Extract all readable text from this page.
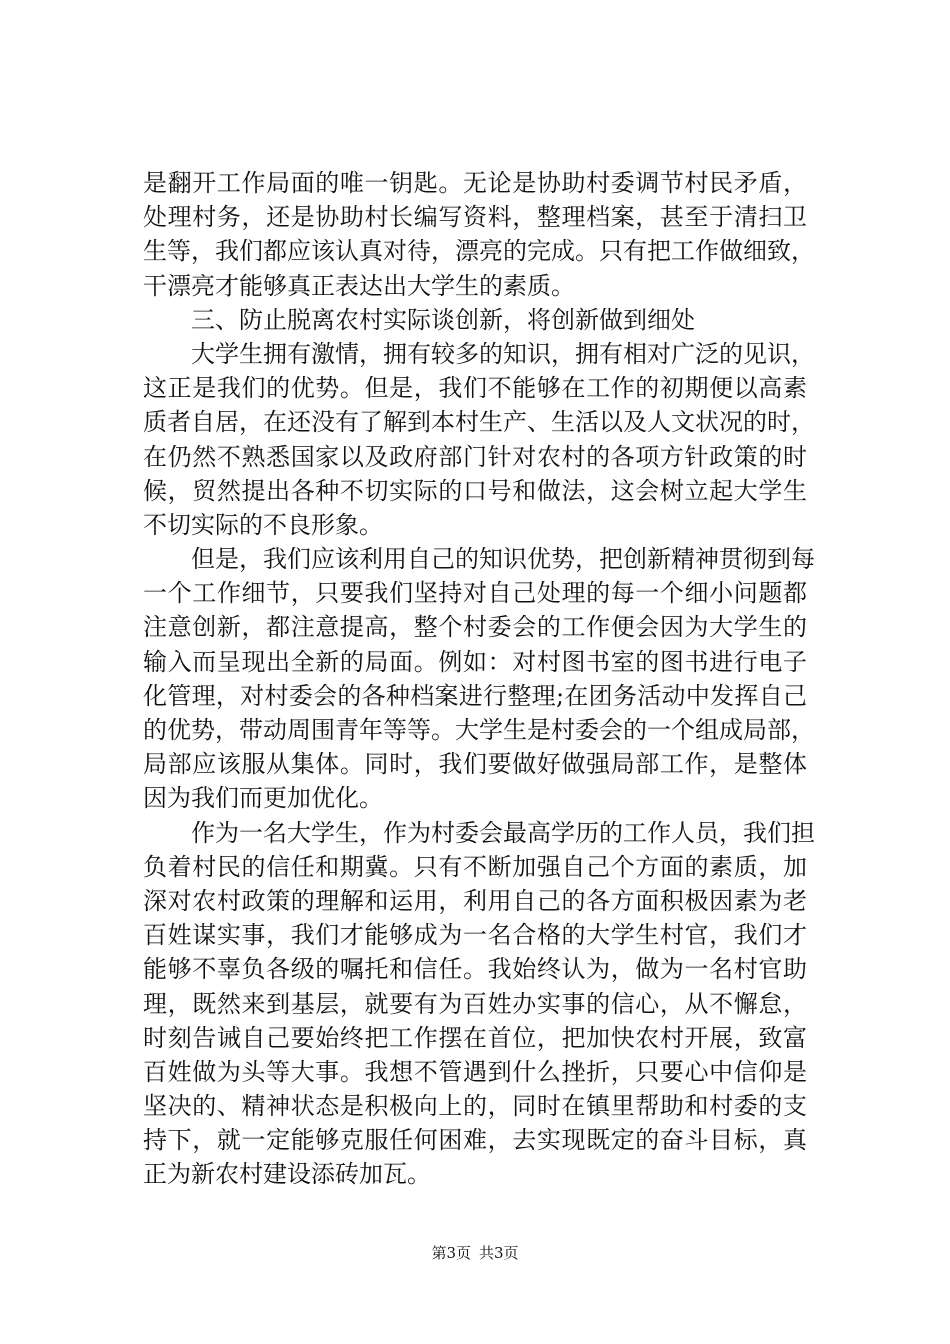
是翻开工作局面的唯一钥匙。无论是协助村委调节村民矛盾，
处理村务，还是协助村长编写资料，整理档案，甚至于清扫卫
生等，我们都应该认真对待，漂亮的完成。只有把工作做细致，
干漂亮才能够真正表达出大学生的素质。
三、防止脱离农村实际谈创新，将创新做到细处
大学生拥有激情，拥有较多的知识，拥有相对广泛的见识，
这正是我们的优势。但是，我们不能够在工作的初期便以高素
质者自居，在还没有了解到本村生产、生活以及人文状况的时，
在仍然不熟悉国家以及政府部门针对农村的各项方针政策的时
候，贸然提出各种不切实际的口号和做法，这会树立起大学生
不切实际的不良形象。
但是，我们应该利用自己的知识优势，把创新精神贯彻到每
一个工作细节，只要我们坚持对自己处理的每一个细小问题都
注意创新，都注意提高，整个村委会的工作便会因为大学生的
输入而呈现出全新的局面。例如：对村图书室的图书进行电子
化管理，对村委会的各种档案进行整理;在团务活动中发挥自己
的优势，带动周围青年等等。大学生是村委会的一个组成局部，
局部应该服从集体。同时，我们要做好做强局部工作，是整体
因为我们而更加优化。
作为一名大学生，作为村委会最高学历的工作人员，我们担
负着村民的信任和期冀。只有不断加强自己个方面的素质，加
深对农村政策的理解和运用，利用自己的各方面积极因素为老
百姓谋实事，我们才能够成为一名合格的大学生村官，我们才
能够不辜负各级的嘱托和信任。我始终认为，做为一名村官助
理，既然来到基层，就要有为百姓办实事的信心，从不懈怠，
时刻告诫自己要始终把工作摆在首位，把加快农村开展，致富
百姓做为头等大事。我想不管遇到什么挫折，只要心中信仰是
坚决的、精神状态是积极向上的，同时在镇里帮助和村委的支
持下，就一定能够克服任何困难，去实现既定的奋斗目标，真
正为新农村建设添砖加瓦。
第3页 共3页
